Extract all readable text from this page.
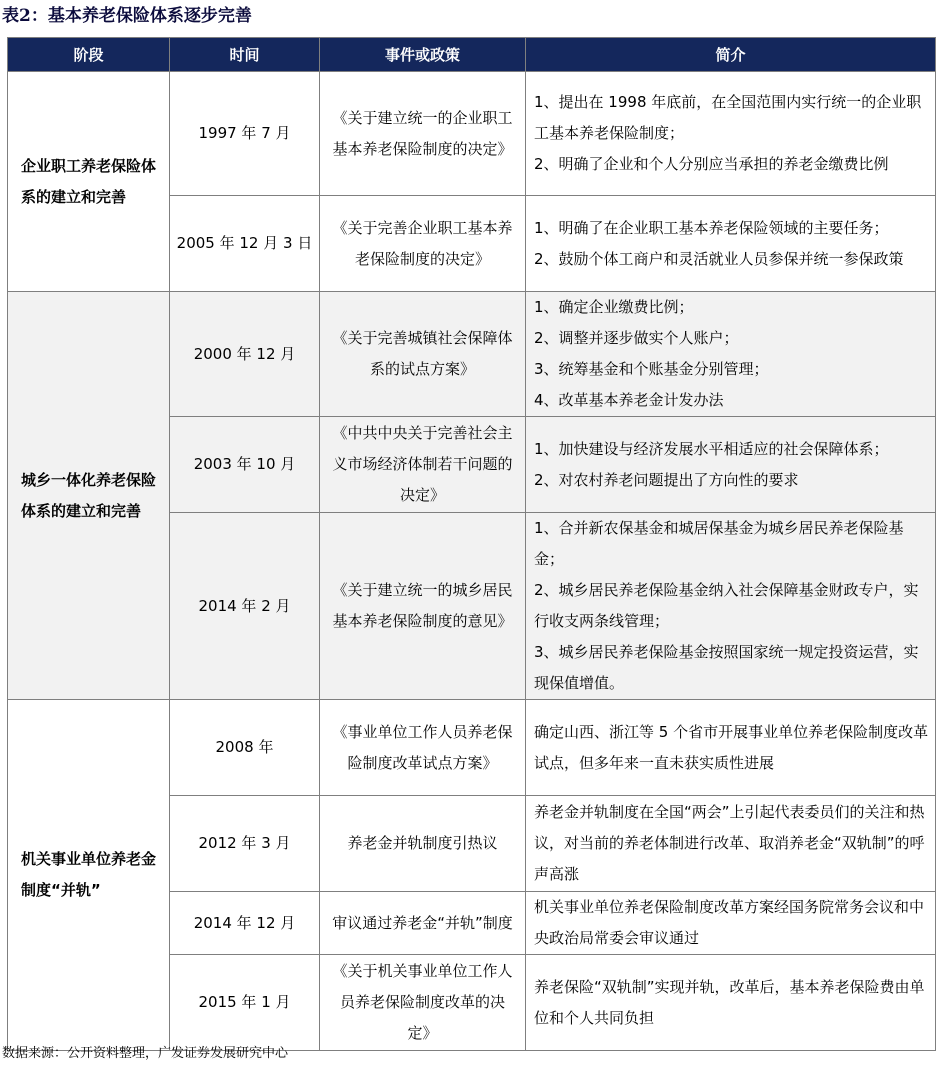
表2：基本养老保险体系逐步完善
阶段	时间	事件或政策	简介
企业职工养老保险体系的建立和完善	1997 年 7 月	《关于建立统一的企业职工基本养老保险制度的决定》	1、提出在 1998 年底前，在全国范围内实行统一的企业职工基本养老保险制度；
2、明确了企业和个人分别应当承担的养老金缴费比例

	2005 年 12 月 3 日	《关于完善企业职工基本养老保险制度的决定》	1、明确了在企业职工基本养老保险领域的主要任务；
2、鼓励个体工商户和灵活就业人员参保并统一参保政策

城乡一体化养老保险体系的建立和完善	2000 年 12 月	《关于完善城镇社会保障体系的试点方案》	1、确定企业缴费比例；
2、调整并逐步做实个人账户；
3、统筹基金和个账基金分别管理；
4、改革基本养老金计发办法

	2003 年 10 月	《中共中央关于完善社会主义市场经济体制若干问题的决定》	1、加快建设与经济发展水平相适应的社会保障体系；
2、对农村养老问题提出了方向性的要求

	2014 年 2 月	《关于建立统一的城乡居民基本养老保险制度的意见》	1、合并新农保基金和城居保基金为城乡居民养老保险基金；
2、城乡居民养老保险基金纳入社会保障基金财政专户，实行收支两条线管理；
3、城乡居民养老保险基金按照国家统一规定投资运营，实现保值增值。

机关事业单位养老金制度“并轨”	2008 年	《事业单位工作人员养老保险制度改革试点方案》	确定山西、浙江等 5 个省市开展事业单位养老保险制度改革试点，但多年来一直未获实质性进展

	2012 年 3 月	养老金并轨制度引热议	养老金并轨制度在全国“两会”上引起代表委员们的关注和热议，对当前的养老体制进行改革、取消养老金“双轨制”的呼声高涨

	2014 年 12 月	审议通过养老金“并轨”制度	机关事业单位养老保险制度改革方案经国务院常务会议和中央政治局常委会审议通过

	2015 年 1 月	《关于机关事业单位工作人员养老保险制度改革的决定》	养老保险“双轨制”实现并轨，改革后，基本养老保险费由单位和个人共同负担
数据来源：公开资料整理，广发证券发展研究中心
